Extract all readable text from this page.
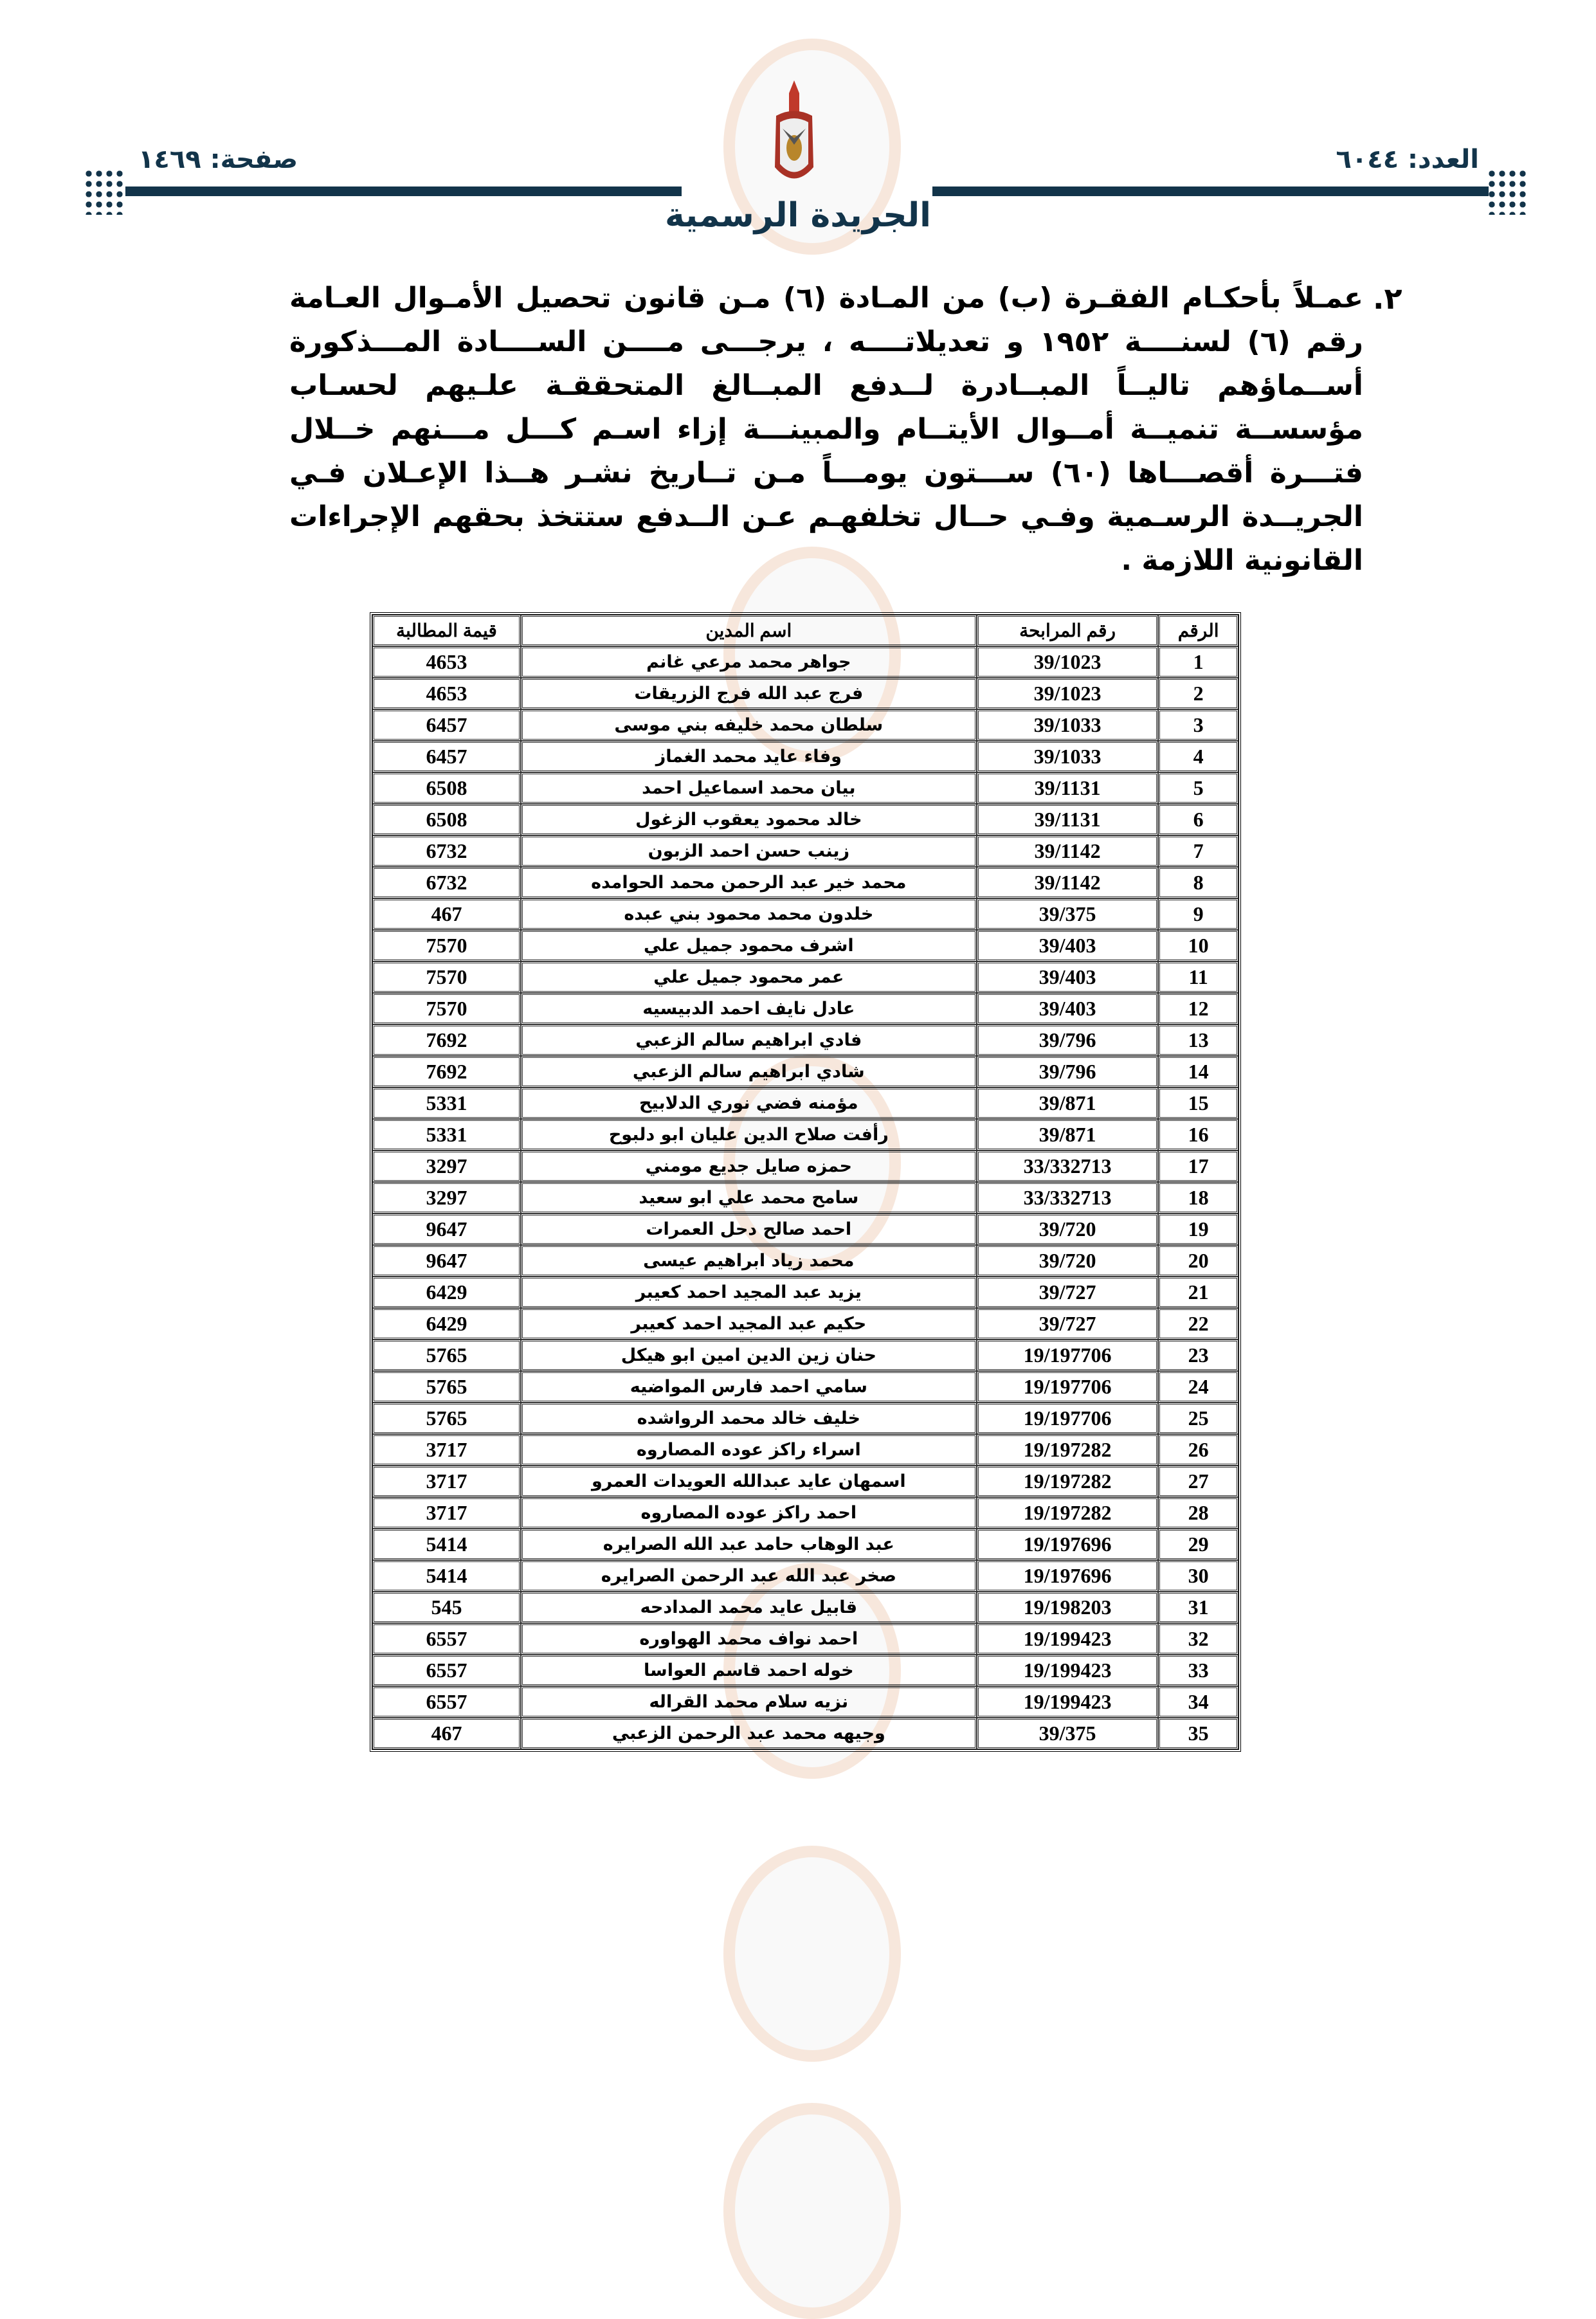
صفحة: ١٤٦٩	العدد: ٦٠٤٤
الجريدة الرسمية
.٢
عمـلاً بأحكـام الفقـرة (ب) من المـادة (٦) مـن قانون تحصيل الأمـوال العـامة رقم (٦) لسنــــة ١٩٥٢ و تعديلاتــــه ، يرجـــى مــــن الســــادة المـــذكورة أســماؤهم تاليــاً المبــادرة لــدفع المبــالغ المتحققـة علـيهم لحسـاب مؤسســة تنميــة أمــوال الأيتــام والمبينـــة إزاء اسـم كـــل مـــنهم خــلال فتـــرة أقصـــاها (٦٠) ســـتون يومـــاً مـن تــاريخ نشـر هــذا الإعـلان فـي الجريــدة الرسـمية وفـي حــال تخلفهـم عـن الــدفع ستتخذ بحقهم الإجراءات القانونية اللازمة .
الرقم	رقم المرابحة	اسم المدين	قيمة المطالبة
1	39/1023	جواهر محمد مرعي غانم	4653
2	39/1023	فرج عبد الله فرج الزريقات	4653
3	39/1033	سلطان محمد خليفه بني موسى	6457
4	39/1033	وفاء عايد محمد الغماز	6457
5	39/1131	بيان محمد اسماعيل احمد	6508
6	39/1131	خالد محمود يعقوب الزغول	6508
7	39/1142	زينب حسن احمد الزبون	6732
8	39/1142	محمد خير عبد الرحمن محمد الحوامده	6732
9	39/375	خلدون محمد محمود بني عبده	467
10	39/403	اشرف محمود جميل علي	7570
11	39/403	عمر محمود جميل علي	7570
12	39/403	عادل نايف احمد الدبيسيه	7570
13	39/796	فادي ابراهيم سالم الزعبي	7692
14	39/796	شادي ابراهيم سالم الزعبي	7692
15	39/871	مؤمنه فضي نوري الدلابيح	5331
16	39/871	رأفت صلاح الدين عليان ابو دلبوح	5331
17	33/332713	حمزه صايل جديع مومني	3297
18	33/332713	سامح محمد علي ابو سعيد	3297
19	39/720	احمد صالح دحل العمرات	9647
20	39/720	محمد زياد ابراهيم عيسى	9647
21	39/727	يزيد عبد المجيد احمد كعيبر	6429
22	39/727	حكيم عبد المجيد احمد كعيبر	6429
23	19/197706	حنان زين الدين امين ابو هيكل	5765
24	19/197706	سامي احمد فارس المواضيه	5765
25	19/197706	خليف خالد محمد الرواشده	5765
26	19/197282	اسراء راكز عوده المصاروه	3717
27	19/197282	اسمهان عايد عبدالله العويدات العمرو	3717
28	19/197282	احمد راكز عوده المصاروه	3717
29	19/197696	عبد الوهاب حامد عبد الله الصرايره	5414
30	19/197696	صخر عبد الله عبد الرحمن الصرايره	5414
31	19/198203	قابيل عايد محمد المدادحه	545
32	19/199423	احمد نواف محمد الهواوره	6557
33	19/199423	خوله احمد قاسم العواسا	6557
34	19/199423	نزيه سلام محمد القراله	6557
35	39/375	وجيهه محمد عبد الرحمن الزعبي	467
